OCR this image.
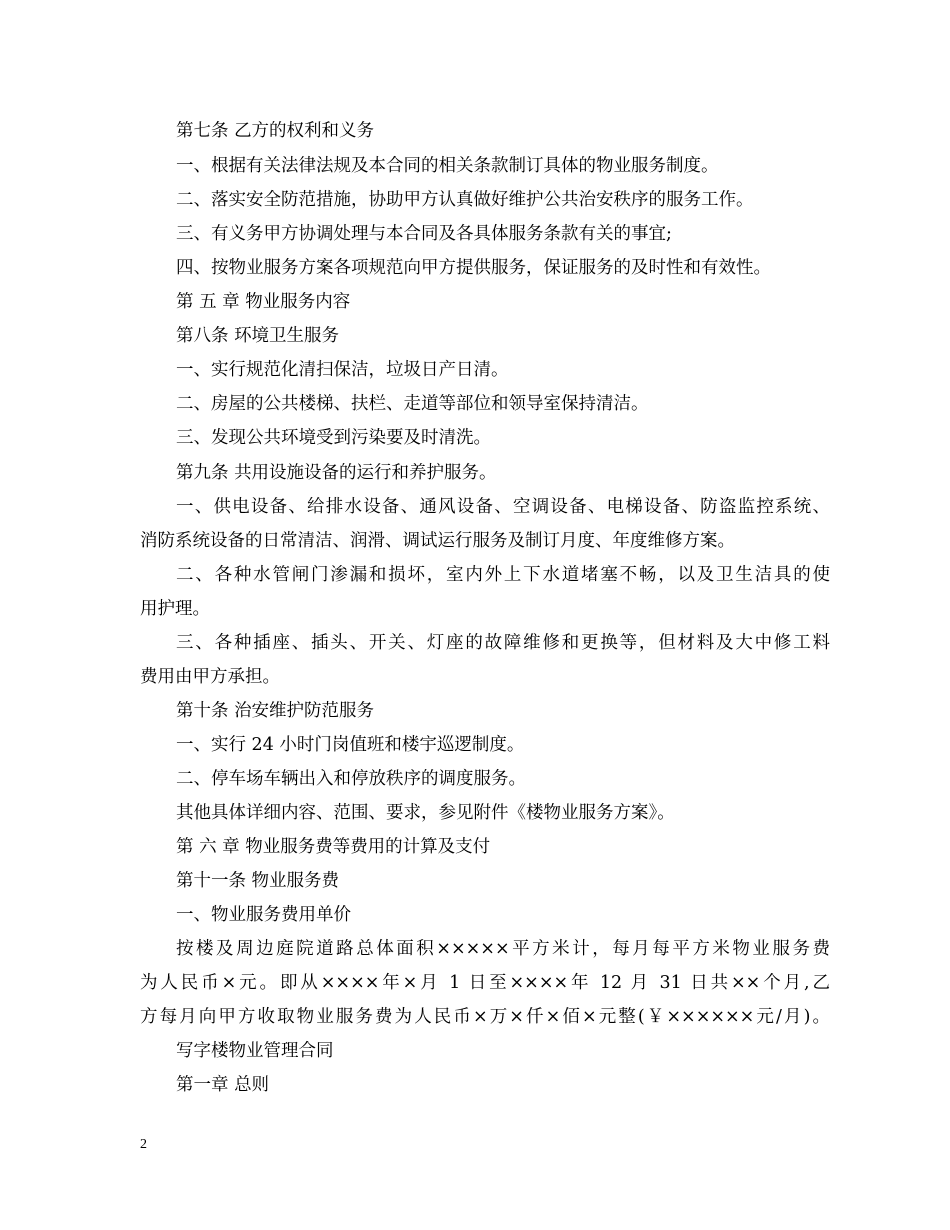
第七条 乙方的权利和义务
一、根据有关法律法规及本合同的相关条款制订具体的物业服务制度。
二、落实安全防范措施，协助甲方认真做好维护公共治安秩序的服务工作。
三、有义务甲方协调处理与本合同及各具体服务条款有关的事宜;
四、按物业服务方案各项规范向甲方提供服务，保证服务的及时性和有效性。
第 五 章 物业服务内容
第八条 环境卫生服务
一、实行规范化清扫保洁，垃圾日产日清。
二、房屋的公共楼梯、扶栏、走道等部位和领导室保持清洁。
三、发现公共环境受到污染要及时清洗。
第九条 共用设施设备的运行和养护服务。
一、供电设备、给排水设备、通风设备、空调设备、电梯设备、防盗监控系统、
消防系统设备的日常清洁、润滑、调试运行服务及制订月度、年度维修方案。
二、各种水管闸门渗漏和损坏，室内外上下水道堵塞不畅，以及卫生洁具的使
用护理。
三、各种插座、插头、开关、灯座的故障维修和更换等，但材料及大中修工料
费用由甲方承担。
第十条 治安维护防范服务
一、实行 24 小时门岗值班和楼宇巡逻制度。
二、停车场车辆出入和停放秩序的调度服务。
其他具体详细内容、范围、要求，参见附件《楼物业服务方案》。
第 六 章 物业服务费等费用的计算及支付
第十一条 物业服务费
一、物业服务费用单价
按楼及周边庭院道路总体面积×××××平方米计，每月每平方米物业服务费
为人民币×元。即从××××年×月 1 日至××××年 12 月 31 日共××个月,乙
方每月向甲方收取物业服务费为人民币×万×仟×佰×元整(￥××××××元/月)。
写字楼物业管理合同
第一章 总则
2
